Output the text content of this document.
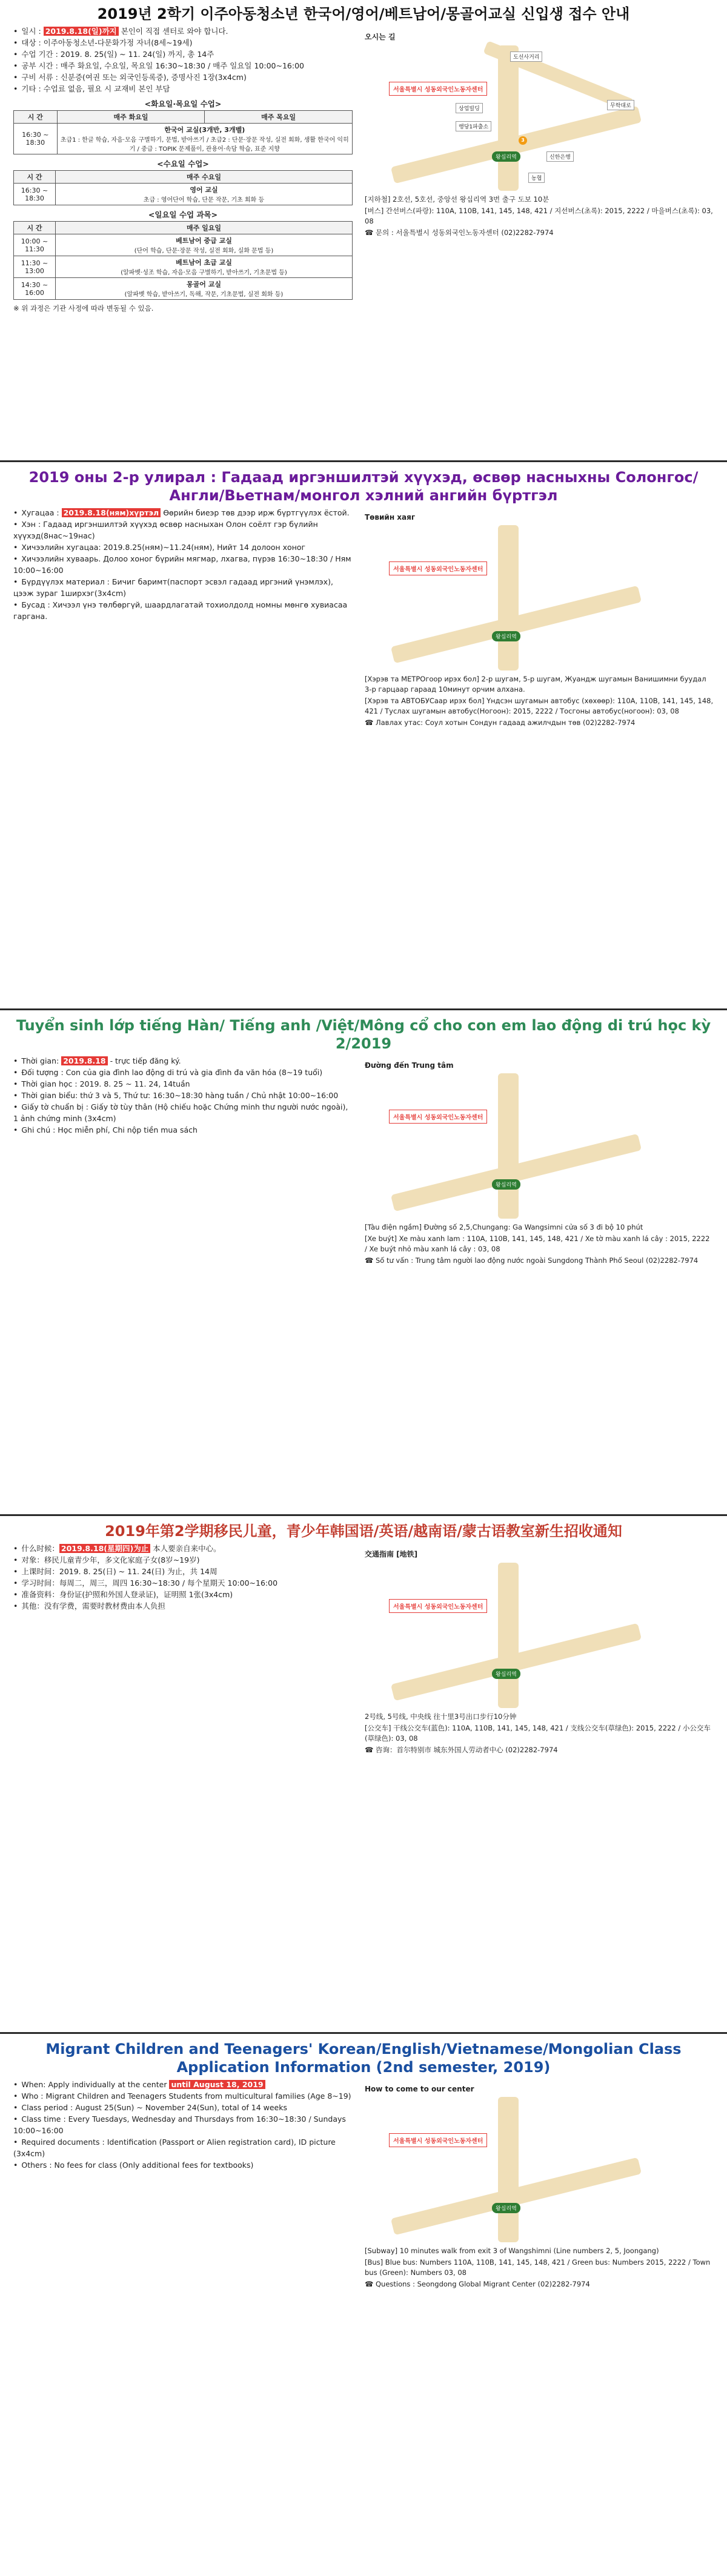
2019년 2학기 이주아동청소년 한국어/영어/베트남어/몽골어교실 신입생 접수 안내
• 일시 : 2019.8.18(일)까지 본인이 직접 센터로 와야 합니다.
• 대상 : 이주아동청소년-다문화가정 자녀(8세~19세)
• 수업 기간 : 2019. 8. 25(일) ~ 11. 24(일) 까지, 총 14주
• 공부 시간 : 매주 화요일, 수요일, 목요일 16:30~18:30 / 매주 일요일 10:00~16:00
• 구비 서류 : 신분증(여권 또는 외국인등록증), 증명사진 1장(3x4cm)
• 기타 : 수업료 없음, 필요 시 교재비 본인 부담
<화요일·목요일 수업>
시 간	매주 화요일	매주 목요일
16:30 ~ 18:30	한국어 교실(3개반, 3개벨)
초급1 : 한글 학습, 자음·모음 구별하기, 문법, 받아쓰기 / 초급2 : 단문·장문 작성, 실전 회화, 생활 한국어 익히기 / 중급 : TOPIK 문제풀이, 관용어·속담 학습, 표준 지향	
<수요일 수업>
시 간	매주 수요일
16:30 ~ 18:30	영어 교실
초급 : 영어단어 학습, 단문 작문, 기초 회화 등
<일요일 수업 과목>
시 간	매주 일요일
10:00 ~ 11:30	베트남어 중급 교실
(단어 학습, 단문·장문 작성, 실전 회화, 실화 문법 등)

11:30 ~ 13:00	베트남어 초급 교실
(알파벳·성조 학습, 자음·모음 구별하기, 받아쓰기, 기초문법 등)

14:30 ~ 16:00	몽골어 교실
(알파벳 학습, 받아쓰기, 독해, 작문, 기초문법, 실전 회화 등)
※ 위 과정은 기관 사정에 따라 변동될 수 있음.
오시는 길
서울특별시 성동외국인노동자센터
왕십리역
도선사거리
상업빌딩
행당1파출소
신한은행
농협
무학대로
3

[지하철] 2호선, 5호선, 중앙선 왕십리역 3번 출구 도보 10분

[버스] 간선버스(파랑): 110A, 110B, 141, 145, 148, 421 / 지선버스(초록): 2015, 2222 / 마을버스(초록): 03, 08

☎ 문의 : 서울특별시 성동외국인노동자센터 (02)2282-7974

2019 оны 2-р улирал : Гадаад иргэншилтэй хүүхэд, өсвөр насныхны Солонгос/Англи/Вьетнам/монгол хэлний ангийн бүртгэл
• Хугацаа : 2019.8.18(ням)хүртэл Өөрийн биеэр төв дээр ирж бүртгүүлэх ёстой.
• Хэн : Гадаад иргэншилтэй хүүхэд өсвөр насныхан Олон соёлт гэр бүлийн хүүхэд(8нас~19нас)
• Хичээлийн хугацаа: 2019.8.25(ням)~11.24(ням), Нийт 14 долоон хоног
• Хичээлийн хуваарь. Долоо хоног бүрийн мягмар, лхагва, пүрэв 16:30~18:30 / Ням 10:00~16:00
• Бүрдүүлэх материал : Бичиг баримт(паспорт эсвэл гадаад иргэний үнэмлэх), цээж зураг 1ширхэг(3x4cm)
• Бусад : Хичээл үнэ төлбөргүй, шаардлагатай тохиолдолд номны мөнгө хувиасаа гаргана.
Төвийн хаяг
서울특별시 성동외국인노동자센터
왕십리역

[Хэрэв та МЕТРОгоор ирэх бол] 2-р шугам, 5-р шугам, Жуандж шугамын Ванишимни буудал 3-р гарцаар гараад 10минут орчим алхана.

[Хэрэв та АВТОБУСаар ирэх бол] Үндсэн шугамын автобус (хөхөөр): 110A, 110B, 141, 145, 148, 421 / Туслах шугамын автобус(Ногоон): 2015, 2222 / Тосгоны автобус(ногоон): 03, 08

☎ Лавлах утас: Соул хотын Сондун гадаад ажилчдын төв (02)2282-7974

Tuyển sinh lớp tiếng Hàn/ Tiếng anh /Việt/Mông cổ cho con em lao động di trú học kỳ 2/2019
• Thời gian: 2019.8.18 - trực tiếp đăng ký.
• Đối tượng : Con của gia đình lao động di trú và gia đình đa văn hóa (8~19 tuổi)
• Thời gian học : 2019. 8. 25 ~ 11. 24, 14tuần
• Thời gian biểu: thứ 3 và 5, Thứ tư: 16:30~18:30 hàng tuần / Chủ nhật 10:00~16:00
• Giấy tờ chuẩn bị : Giấy tờ tùy thân (Hộ chiếu hoặc Chứng minh thư người nước ngoài), 1 ảnh chứng minh (3x4cm)
• Ghi chú : Học miễn phí, Chi nộp tiền mua sách
Đường đến Trung tâm
서울특별시 성동외국인노동자센터
왕십리역

[Tàu điện ngầm] Đường số 2,5,Chungang: Ga Wangsimni cửa số 3 đi bộ 10 phút

[Xe buýt] Xe màu xanh lam : 110A, 110B, 141, 145, 148, 421 / Xe tờ màu xanh lá cây : 2015, 2222 / Xe buýt nhỏ màu xanh lá cây : 03, 08

☎ Số tư vấn : Trung tâm người lao động nước ngoài Sungdong Thành Phố Seoul (02)2282-7974

2019年第2学期移民儿童，青少年韩国语/英语/越南语/蒙古语教室新生招收通知
• 什么时候： 2019.8.18(星期四)为止 本人要亲自来中心。
• 对象：移民儿童青少年，多文化家庭子女(8岁~19岁)
• 上课时间：2019. 8. 25(日) ~ 11. 24(日) 为止，共 14周
• 学习时间：每周二，周三，周四 16:30~18:30 / 每个星期天 10:00~16:00
• 准备资料：身份证(护照和外国人登录证)，证明照 1张(3x4cm)
• 其他：没有学费，需要时教材费由本人负担
交通指南 [地铁]
서울특별시 성동외국인노동자센터
왕십리역

2号线, 5号线, 中央线 往十里3号出口步行10分钟

[公交车] 干线公交车(蓝色): 110A, 110B, 141, 145, 148, 421 / 支线公交车(草绿色): 2015, 2222 / 小公交车(草绿色): 03, 08

☎ 咨询：首尔特别市 城东外国人劳动者中心 (02)2282-7974

Migrant Children and Teenagers' Korean/English/Vietnamese/Mongolian Class Application Information (2nd semester, 2019)
• When: Apply individually at the center until August 18, 2019
• Who : Migrant Children and Teenagers Students from multicultural families (Age 8~19)
• Class period : August 25(Sun) ~ November 24(Sun), total of 14 weeks
• Class time : Every Tuesdays, Wednesday and Thursdays from 16:30~18:30 / Sundays 10:00~16:00
• Required documents : Identification (Passport or Alien registration card), ID picture (3x4cm)
• Others : No fees for class (Only additional fees for textbooks)
How to come to our center
서울특별시 성동외국인노동자센터
왕십리역

[Subway] 10 minutes walk from exit 3 of Wangshimni (Line numbers 2, 5, Joongang)

[Bus] Blue bus: Numbers 110A, 110B, 141, 145, 148, 421 / Green bus: Numbers 2015, 2222 / Town bus (Green): Numbers 03, 08

☎ Questions : Seongdong Global Migrant Center (02)2282-7974
